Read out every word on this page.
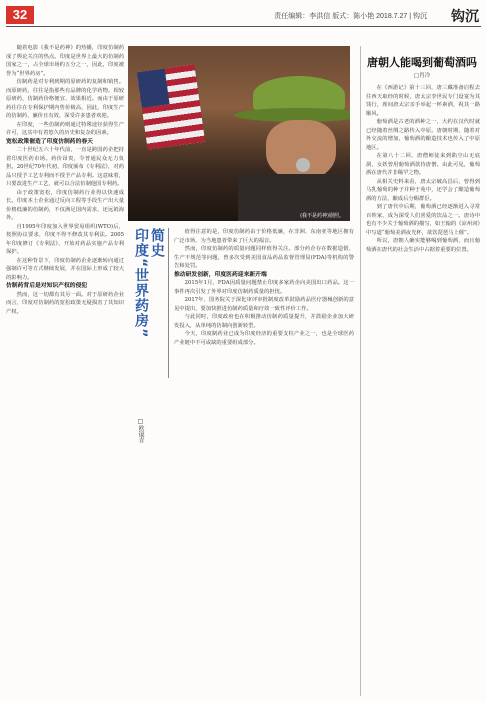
32	责任编辑：李洪信 版式：陈小艳 2018.7.27 | 钩沉 钩沉

随着电影《我不是药神》的热播，印度仿制药成了舆论关注的热点。印度是世界上最大的仿制药国家之一，占全球市场约五分之一，因此，印度被誉为“世界药房”。

仿制药是对专利到期的原研药的复制和销售。而原研药，往往是指那些有品牌的化学药物。相较原研药，仿制药价格便宜、效果相近。而由于原研药往往在专利保护期内售价极高，因此，印度生产的仿制药，廉价且有效，深受许多患者欢迎。

在印度，一些仿制药则通过特殊途径获得生产许可，这其中有着悠久的历史和复杂的因素。

宽松政策催造了印度仿制药的春天

二十世纪五六十年代前，一直是跨国药企把持着印度医药市场。药价昂贵，令普通民众无力负担。20世纪70年代初，印度颁布《专利法》，对药品只授予工艺专利而不授予产品专利。这意味着，只要改进生产工艺，就可以合法仿制他国专利药。

由于政策宽松，印度仿制药行业得以快速成长。印度本土企业通过反向工程等手段生产出大量价格低廉的仿制药，不仅满足国内需求，还远销海外。

自1995年印度加入世界贸易组织(WTO)后，按照协议要求，印度不得不修改其专利法。2005年印度修订《专利法》，开始对药品实施产品专利保护。

在这种背景下，印度仿制药企业逐渐转向通过强制许可等方式继续发展，并在国际上形成了较大的影响力。

仿制药背后是对知识产权的侵犯

然而，这一切都有其另一面。对于原研药企业而言，印度对仿制药的宽松政策无疑损害了其知识产权。

(我不是药神)剧照。
印度“世界药房” 简史
□欧镜青

值得注意的是，印度仿制药由于价格低廉，在非洲、东南亚等地区拥有广泛市场，为当地患者带来了巨大的福音。

然而，印度仿制药的质量问题同样值得关注。部分药企存在数据造假、生产不规范等问题，曾多次受到美国食品药品监督管理局(FDA)等机构的警告和处罚。

推动研发创新，印度医药迎来新开端

2015年1月，FDA因质量问题禁止印度多家药企向美国出口药品。这一事件再次引发了外界对印度仿制药质量的担忧。

2017年，国务院关于深化审评审批制度改革鼓励药品医疗器械创新的意见中提出，要加快推进仿制药质量和疗效一致性评价工作。

与此同时，印度政府也在积极推动仿制药质量提升，并鼓励企业加大研发投入，从单纯的仿制向创新转型。

今天，印度制药业已成为印度经济的重要支柱产业之一，也是全球医药产业链中不可或缺的重要组成部分。

唐朝人能喝到葡萄酒吗
□肖冷

在《西游记》第十三回，唐三藏准备启程去往西天取经的时候，唐太宗李世民专门设宴为其饯行，席间唐太宗亲手举起一杯素酒，祝其一路顺风。

葡萄酒是古老的酒种之一，大约在汉代时就已经随着丝绸之路传入中原。唐朝时期，随着对外交流的增加，葡萄酒的酿造技术也传入了中原地区。

在第八十二回，唐僧师徒来到陷空山无底洞，女妖曾用葡萄酒款待唐僧。由此可见，葡萄酒在唐代并非稀罕之物。

从相关史料来看，唐太宗破高昌后，曾得到马乳葡萄的种子并种于苑中，还学会了酿造葡萄酒的方法，酿成后分赐群臣。

到了唐代中后期，葡萄酒已经逐渐进入寻常百姓家，成为深受人们喜爱的饮品之一。唐诗中也有不少关于葡萄酒的描写，如王翰的《凉州词》中写道“葡萄美酒夜光杯，欲饮琵琶马上催”。

所以，唐朝人确实能够喝到葡萄酒，而且葡萄酒在唐代的社会生活中占据着重要的位置。
